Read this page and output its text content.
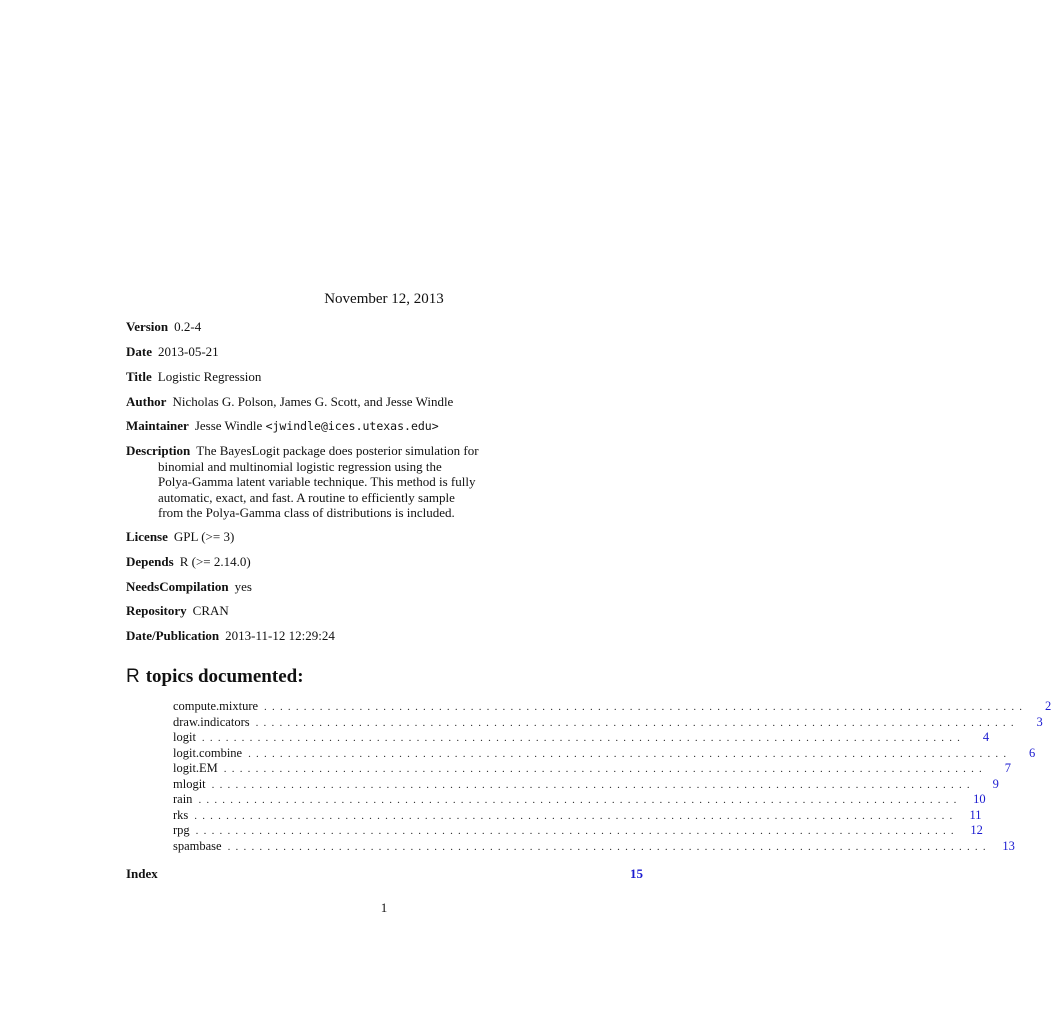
November 12, 2013
Version 0.2-4
Date 2013-05-21
Title Logistic Regression
Author Nicholas G. Polson, James G. Scott, and Jesse Windle
Maintainer Jesse Windle <jwindle@ices.utexas.edu>
Description The BayesLogit package does posterior simulation for
binomial and multinomial logistic regression using the
Polya-Gamma latent variable technique. This method is fully
automatic, exact, and fast. A routine to efficiently sample
from the Polya-Gamma class of distributions is included.
License GPL (>= 3)
Depends R (>= 2.14.0)
NeedsCompilation yes
Repository CRAN
Date/Publication 2013-11-12 12:29:24
R topics documented:
compute.mixture ................................................................................................	2
draw.indicators ................................................................................................	3
logit ................................................................................................	4
logit.combine ................................................................................................	6
logit.EM ................................................................................................	7
mlogit ................................................................................................	9
rain ................................................................................................ 10
rks ................................................................................................ 11
rpg ................................................................................................ 12
spambase ................................................................................................ 13
Index	15
1
